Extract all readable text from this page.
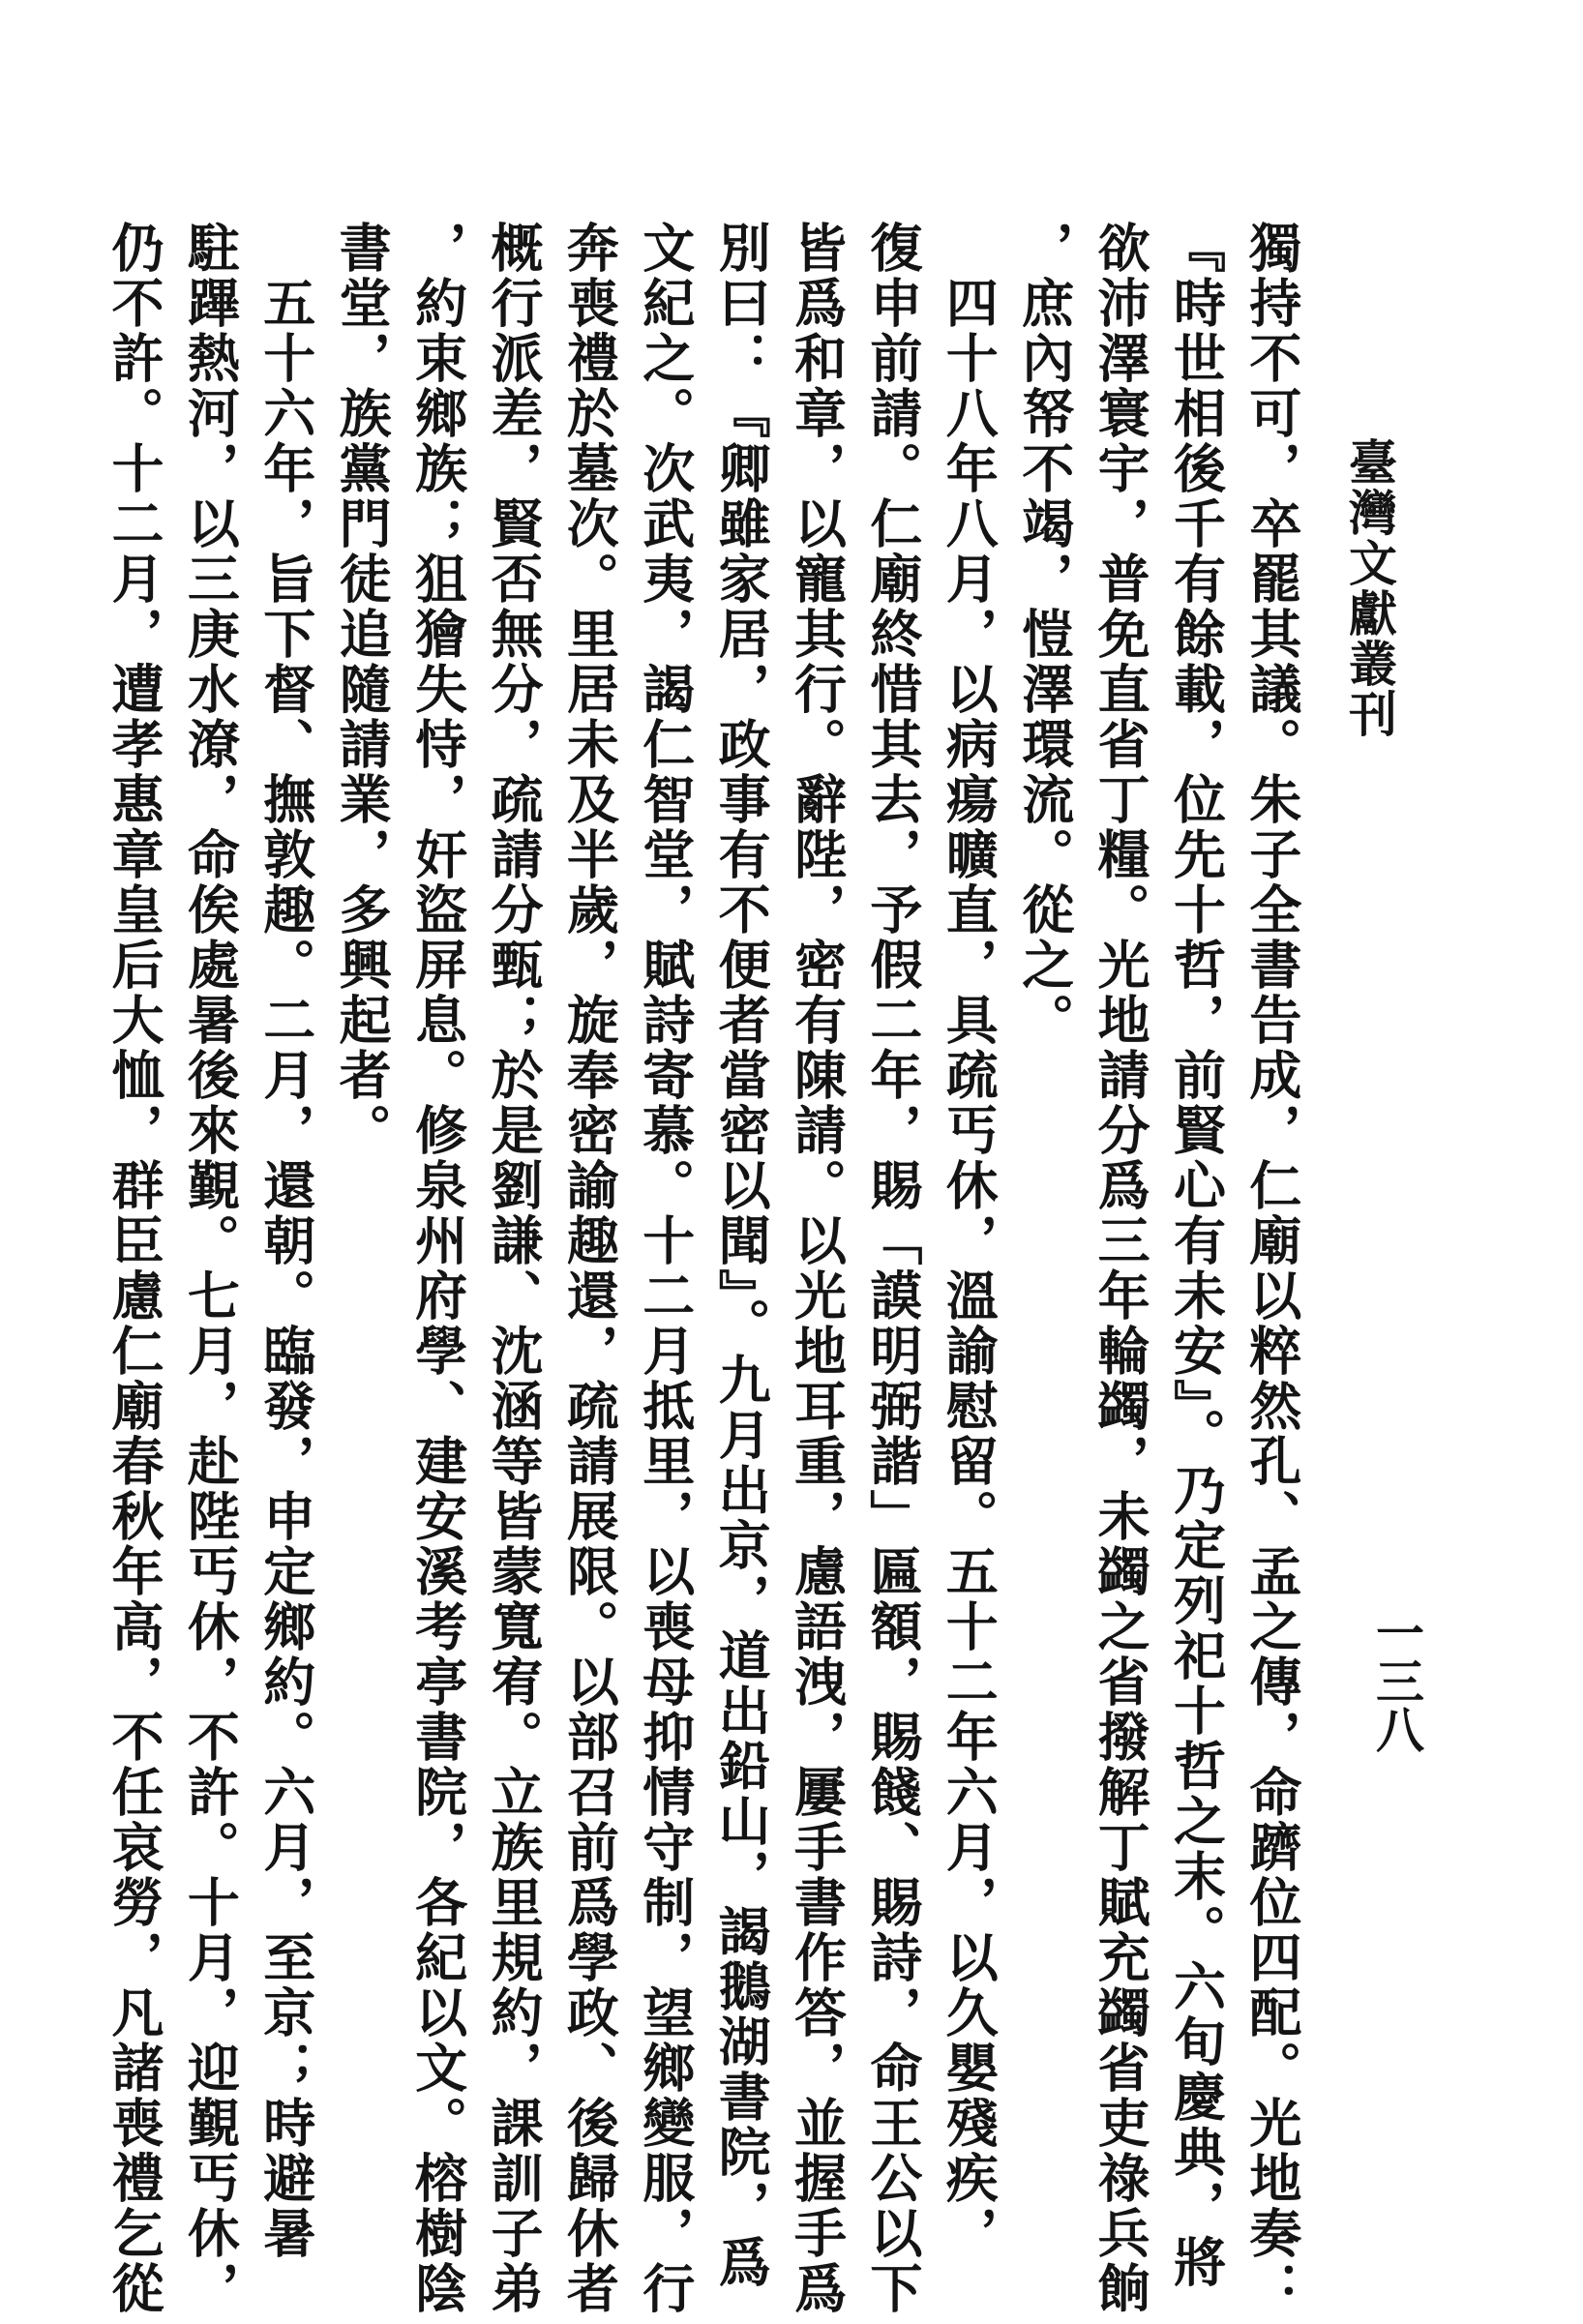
臺灣文獻叢刊
一三八
獨持不可，卒罷其議。朱子全書告成，仁廟以粹然孔、孟之傳，命躋位四配。光地奏：
『時世相後千有餘載，位先十哲，前賢心有未安』。乃定列祀十哲之末。六旬慶典，將
欲沛澤寰宇，普免直省丁糧。光地請分爲三年輪蠲，未蠲之省撥解丁賦充蠲省吏祿兵餉
，庶內帑不竭，愷澤環流。從之。
四十八年八月，以病瘍曠直，具疏丐休，溫諭慰留。五十二年六月，以久嬰殘疾，
復申前請。仁廟終惜其去，予假二年，賜「謨明弼諧」匾額，賜餞、賜詩，命王公以下
皆爲和章，以寵其行。辭陛，密有陳請。以光地耳重，慮語洩，屢手書作答，並握手爲
別曰：『卿雖家居，政事有不便者當密以聞』。九月出京，道出鉛山，謁鵝湖書院，爲
文紀之。次武夷，謁仁智堂，賦詩寄慕。十二月抵里，以喪母抑情守制，望鄉變服，行
奔喪禮於墓次。里居未及半歲，旋奉密諭趣還，疏請展限。以部召前爲學政、後歸休者
概行派差，賢否無分，疏請分甄；於是劉謙、沈涵等皆蒙寬宥。立族里規約，課訓子弟
，約束鄉族；狙獪失恃，奸盜屏息。修泉州府學、建安溪考亭書院，各紀以文。榕樹陰
書堂，族黨門徒追隨請業，多興起者。
五十六年，旨下督、撫敦趣。二月，還朝。臨發，申定鄉約。六月，至京；時避暑
駐蹕熱河，以三庚水潦，命俟處暑後來覲。七月，赴陛丐休，不許。十月，迎覲丐休，
仍不許。十二月，遭孝惠章皇后大恤，群臣慮仁廟春秋年高，不任哀勞，凡諸喪禮乞從
